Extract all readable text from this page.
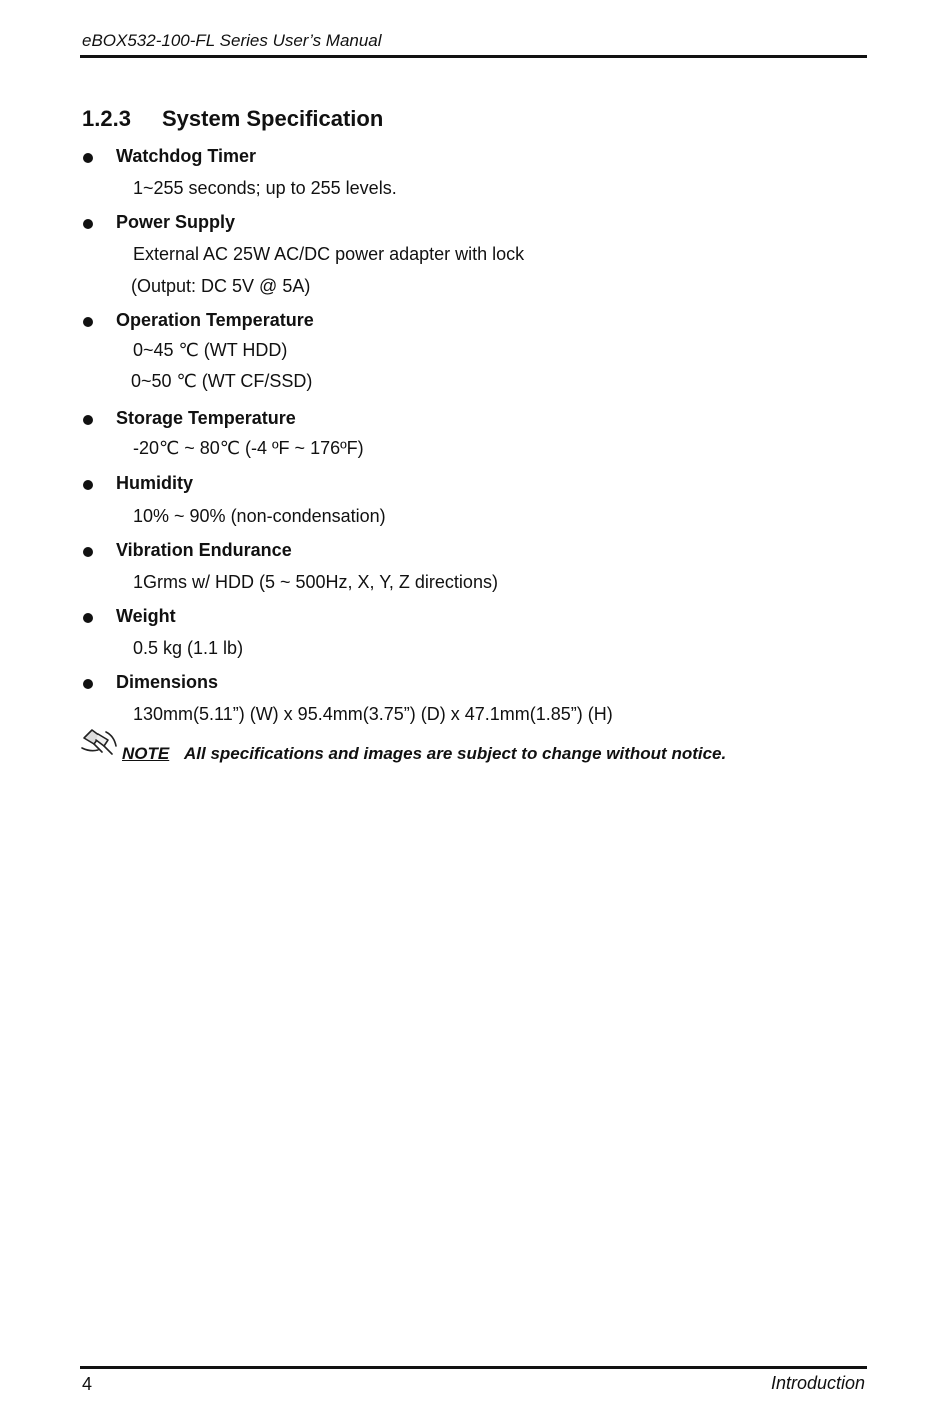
eBOX532-100-FL Series User’s Manual
1.2.3 System Specification
Watchdog Timer
1~255 seconds; up to 255 levels.
Power Supply
External AC 25W AC/DC power adapter with lock
(Output: DC 5V @ 5A)
Operation Temperature
0~45 ℃ (WT HDD)
0~50 ℃ (WT CF/SSD)
Storage Temperature
-20℃ ~ 80℃ (-4 ºF ~ 176ºF)
Humidity
10% ~ 90% (non-condensation)
Vibration Endurance
1Grms w/ HDD (5 ~ 500Hz, X, Y, Z directions)
Weight
0.5 kg (1.1 lb)
Dimensions
130mm(5.11”) (W) x 95.4mm(3.75”) (D) x 47.1mm(1.85”) (H)
NOTE All specifications and images are subject to change without notice.
4	Introduction
